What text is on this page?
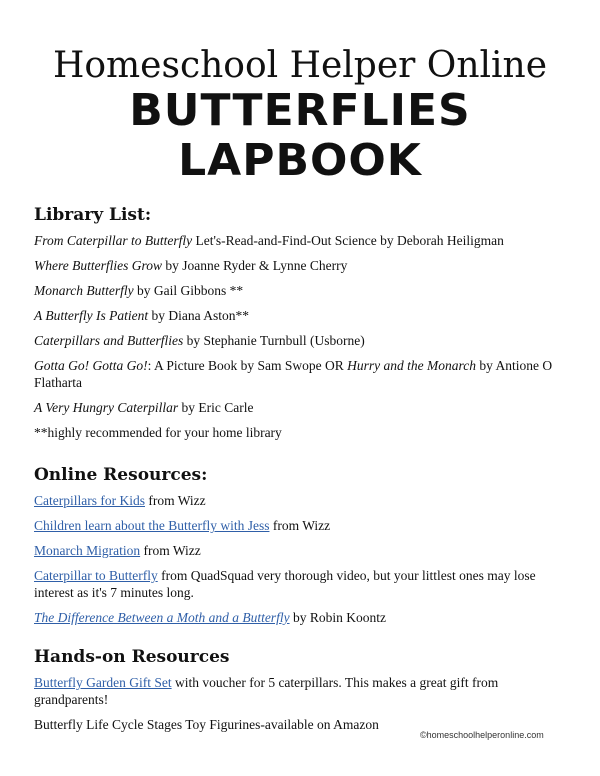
Homeschool Helper Online
BUTTERFLIES
LAPBOOK
Library List:
From Caterpillar to Butterfly Let's-Read-and-Find-Out Science by Deborah Heiligman
Where Butterflies Grow by Joanne Ryder & Lynne Cherry
Monarch Butterfly by Gail Gibbons **
A Butterfly Is Patient by Diana Aston**
Caterpillars and Butterflies by Stephanie Turnbull (Usborne)
Gotta Go! Gotta Go!: A Picture Book by Sam Swope OR Hurry and the Monarch by Antione O Flatharta
A Very Hungry Caterpillar by Eric Carle
**highly recommended for your home library
Online Resources:
Caterpillars for Kids from Wizz
Children learn about the Butterfly with Jess from Wizz
Monarch Migration from Wizz
Caterpillar to Butterfly from QuadSquad very thorough video, but your littlest ones may lose interest as it's 7 minutes long.
The Difference Between a Moth and a Butterfly by Robin Koontz
Hands-on Resources
Butterfly Garden Gift Set with voucher for 5 caterpillars. This makes a great gift from grandparents!
Butterfly Life Cycle Stages Toy Figurines-available on Amazon
©homeschoolhelperonline.com
